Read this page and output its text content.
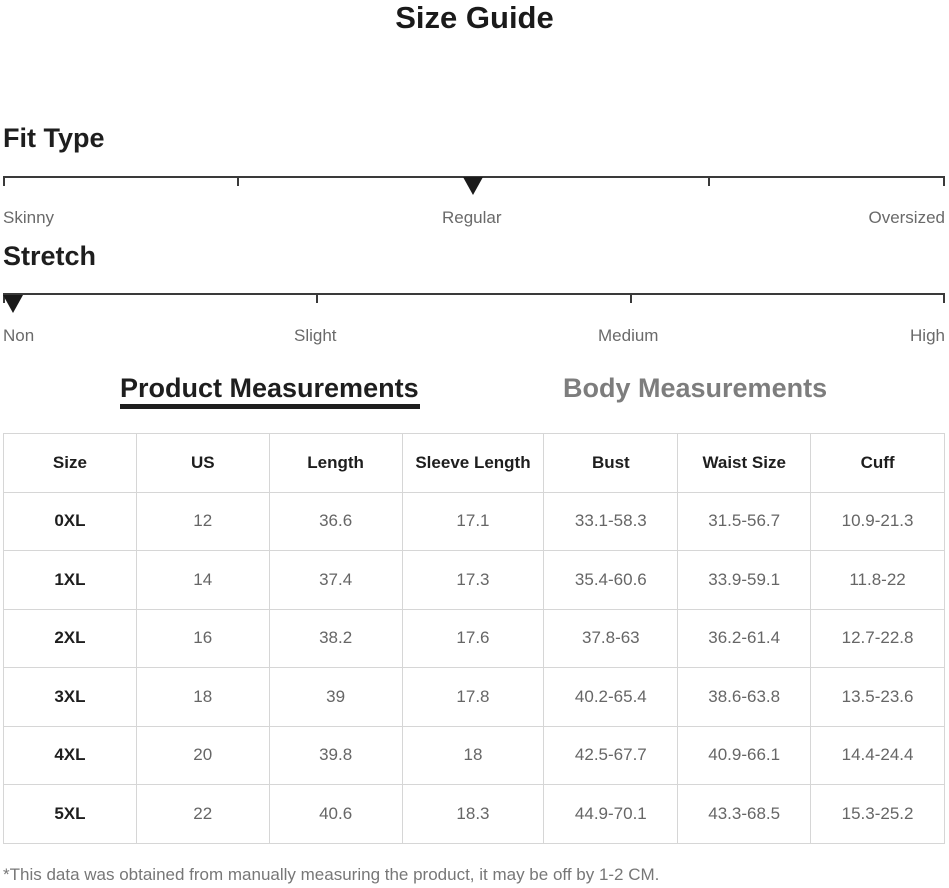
Size Guide
Fit Type
Skinny	Regular	Oversized
Stretch
Non	Slight	Medium	High
Product Measurements	Body Measurements
Size	US	Length	Sleeve Length	Bust	Waist Size	Cuff
0XL	12	36.6	17.1	33.1-58.3	31.5-56.7	10.9-21.3
1XL	14	37.4	17.3	35.4-60.6	33.9-59.1	11.8-22
2XL	16	38.2	17.6	37.8-63	36.2-61.4	12.7-22.8
3XL	18	39	17.8	40.2-65.4	38.6-63.8	13.5-23.6
4XL	20	39.8	18	42.5-67.7	40.9-66.1	14.4-24.4
5XL	22	40.6	18.3	44.9-70.1	43.3-68.5	15.3-25.2
*This data was obtained from manually measuring the product, it may be off by 1-2 CM.
